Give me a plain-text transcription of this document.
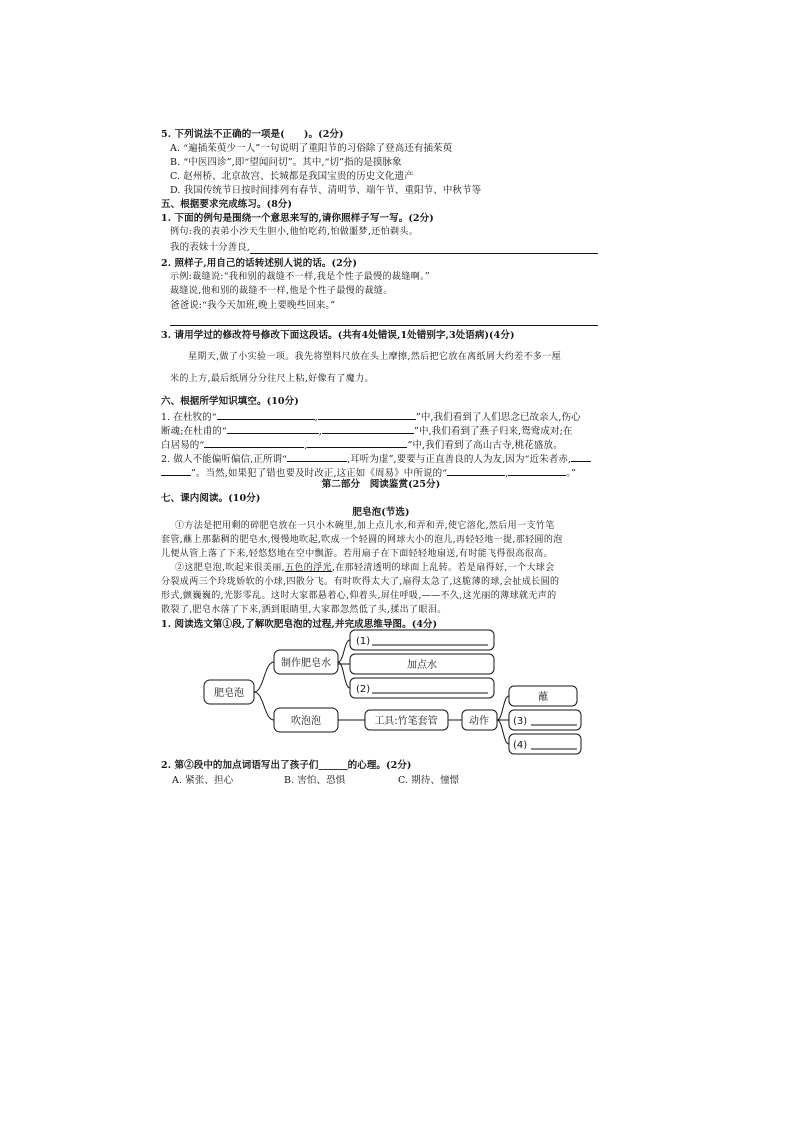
5. 下列说法不正确的一项是(　　)。(2分)
A. “遍插茱萸少一人”一句说明了重阳节的习俗除了登高还有插茱萸
B. “中医四诊”,即“望闻问切”。其中,“切”指的是摸脉象
C. 赵州桥、北京故宫、长城都是我国宝贵的历史文化遗产
D. 我国传统节日按时间排列有春节、清明节、端午节、重阳节、中秋节等
五、根据要求完成练习。(8分)
1. 下面的例句是围绕一个意思来写的,请你照样子写一写。(2分)
例句:我的表弟小沙天生胆小,他怕吃药,怕做噩梦,还怕剃头。
我的表妹十分善良,
2. 照样子,用自己的话转述别人说的话。(2分)
示例:裁缝说:“我和别的裁缝不一样,我是个性子最慢的裁缝啊。”
裁缝说,他和别的裁缝不一样,他是个性子最慢的裁缝。
爸爸说:“我今天加班,晚上要晚些回来。”
3. 请用学过的修改符号修改下面这段话。(共有4处错误,1处错别字,3处语病)(4分)
星期天,做了小实验一项。我先将塑料尺放在头上摩擦,然后把它放在离纸屑大约差不多一厘
米的上方,最后纸屑分分往尺上粘,好像有了魔力。
六、根据所学知识填空。(10分)
1. 在杜牧的“	,	”中,我们看到了人们思念已故亲人,伤心
断魂;在杜甫的“	,	”中,我们看到了燕子归来,鸳鸯成对;在
白居易的“	,	”中,我们看到了高山古寺,桃花盛放。
2. 做人不能偏听偏信,正所谓“	,耳听为虚”,要要与正直善良的人为友,因为“近朱者赤,
”。当然,如果犯了错也要及时改正,这正如《周易》中所说的“	,	。”
第二部分　阅读鉴赏(25分)
七、课内阅读。(10分)
肥皂泡(节选)
①方法是把用剩的碎肥皂放在一只小木碗里,加上点儿水,和弄和弄,使它溶化,然后用一支竹笔
套管,蘸上那黏稠的肥皂水,慢慢地吹起,吹成一个轻圆的网球大小的泡儿,再轻轻地一提,那轻圆的泡
儿便从管上落了下来,轻悠悠地在空中飘游。若用扇子在下面轻轻地扇送,有时能飞得很高很高。
②这肥皂泡,吹起来很美丽,五色的浮光,在那轻清透明的球面上乱转。若是扇得好,一个大球会
分裂成两三个玲珑娇软的小球,四散分飞。有时吹得太大了,扇得太急了,这脆薄的球,会扯成长圆的
形式,颤巍巍的,光影零乱。这时大家都悬着心,仰着头,屏住呼吸,——不久,这光丽的薄球就无声的
散裂了,肥皂水落了下来,洒到眼睛里,大家都忽然低了头,揉出了眼泪。
1. 阅读选文第①段,了解吹肥皂泡的过程,并完成思维导图。(4分)
肥皂泡
制作肥皂水
吹泡泡
(1)
加点水
(2)
工具:竹笔套管	动作
蘸
(3)
(4)
2. 第②段中的加点词语写出了孩子们______的心理。(2分)
A. 紧张、担心	B. 害怕、恐惧	C. 期待、憧憬
